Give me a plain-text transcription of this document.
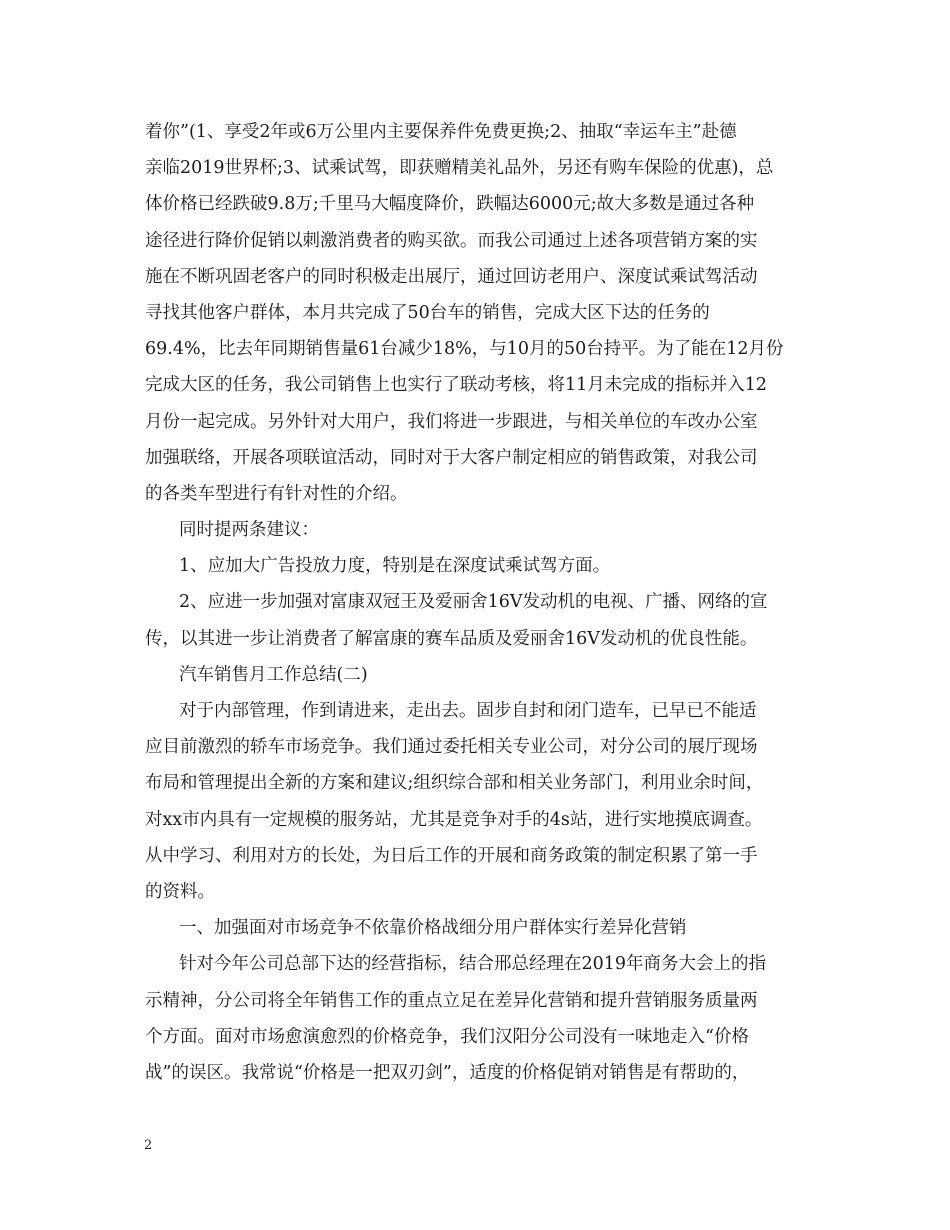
着你”(1、享受2年或6万公里内主要保养件免费更换;2、抽取“幸运车主”赴德
亲临2019世界杯;3、试乘试驾，即获赠精美礼品外，另还有购车保险的优惠)，总
体价格已经跌破9.8万;千里马大幅度降价，跌幅达6000元;故大多数是通过各种
途径进行降价促销以刺激消费者的购买欲。而我公司通过上述各项营销方案的实
施在不断巩固老客户的同时积极走出展厅，通过回访老用户、深度试乘试驾活动
寻找其他客户群体，本月共完成了50台车的销售，完成大区下达的任务的
69.4%，比去年同期销售量61台减少18%，与10月的50台持平。为了能在12月份
完成大区的任务，我公司销售上也实行了联动考核，将11月未完成的指标并入12
月份一起完成。另外针对大用户，我们将进一步跟进，与相关单位的车改办公室
加强联络，开展各项联谊活动，同时对于大客户制定相应的销售政策，对我公司
的各类车型进行有针对性的介绍。
同时提两条建议：
1、应加大广告投放力度，特别是在深度试乘试驾方面。
2、应进一步加强对富康双冠王及爱丽舍16V发动机的电视、广播、网络的宣
传，以其进一步让消费者了解富康的赛车品质及爱丽舍16V发动机的优良性能。
汽车销售月工作总结(二)
对于内部管理，作到请进来，走出去。固步自封和闭门造车，已早已不能适
应目前激烈的轿车市场竞争。我们通过委托相关专业公司，对分公司的展厅现场
布局和管理提出全新的方案和建议;组织综合部和相关业务部门，利用业余时间，
对xx市内具有一定规模的服务站，尤其是竞争对手的4s站，进行实地摸底调查。
从中学习、利用对方的长处，为日后工作的开展和商务政策的制定积累了第一手
的资料。
一、加强面对市场竞争不依靠价格战细分用户群体实行差异化营销
针对今年公司总部下达的经营指标，结合邢总经理在2019年商务大会上的指
示精神，分公司将全年销售工作的重点立足在差异化营销和提升营销服务质量两
个方面。面对市场愈演愈烈的价格竞争，我们汉阳分公司没有一味地走入“价格
战”的误区。我常说“价格是一把双刃剑”，适度的价格促销对销售是有帮助的，
2
